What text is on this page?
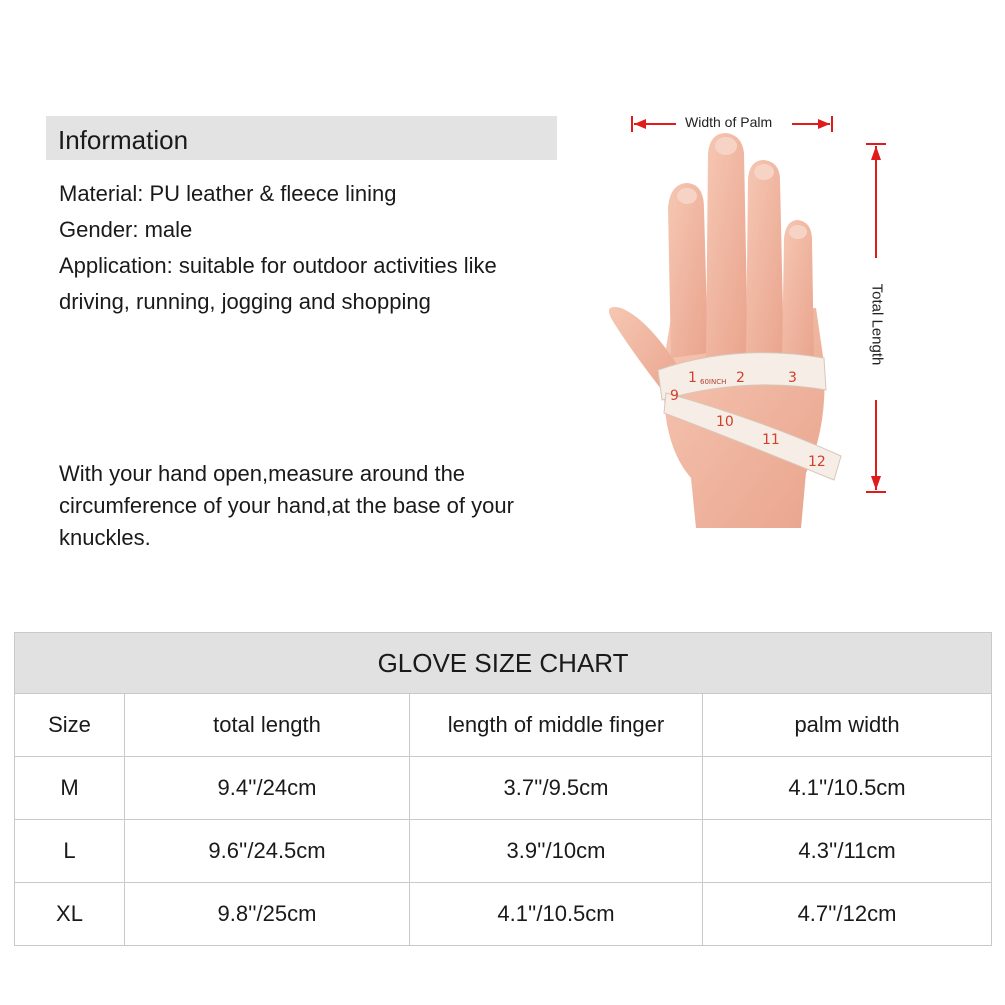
Information

Material: PU leather & fleece lining

Gender: male

Application: suitable for outdoor activities like

driving, running, jogging and shopping

With your hand open,measure around the circumference of your hand,at the base of your knuckles.
1 60INCH 2	3
9
10
11
12
Width of Palm
Total Length
GLOVE SIZE CHART			
Size	total length	length of middle finger	palm width
M	9.4''/24cm	3.7''/9.5cm	4.1''/10.5cm
L	9.6''/24.5cm	3.9''/10cm	4.3''/11cm
XL	9.8''/25cm	4.1''/10.5cm	4.7''/12cm
